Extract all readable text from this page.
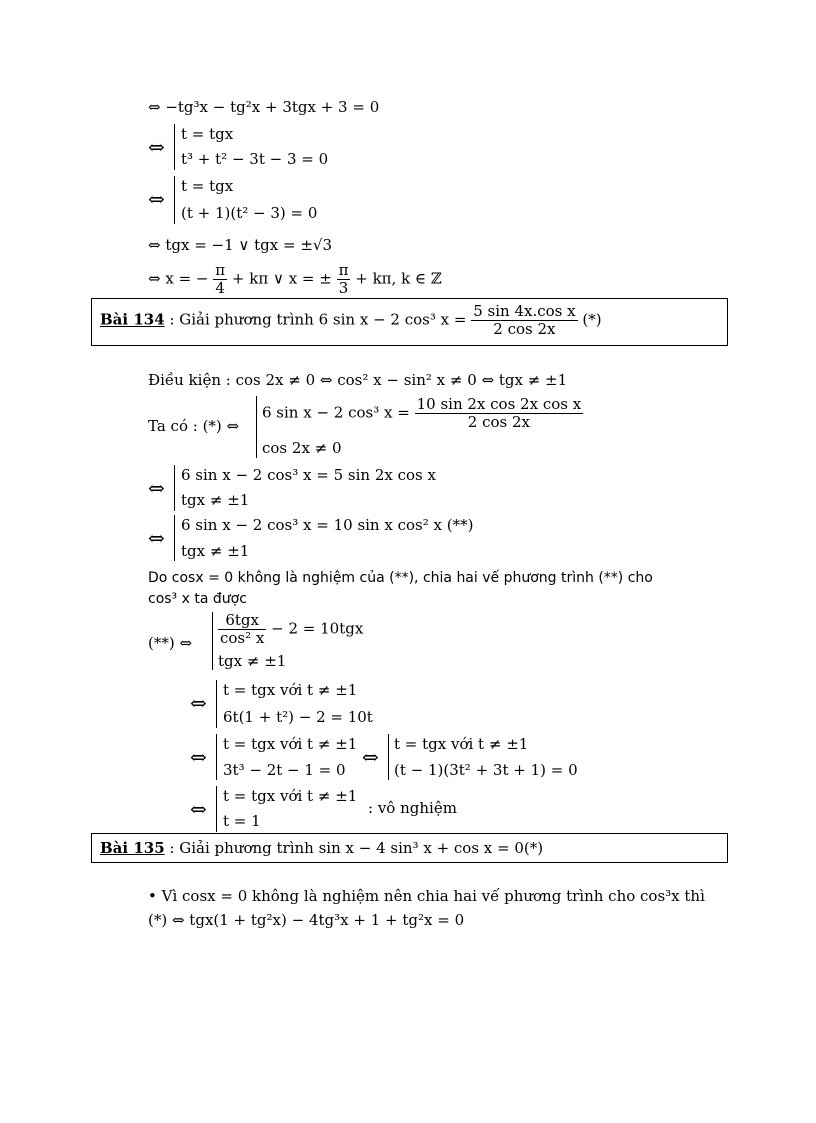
⇔ −tg³x − tg²x + 3tgx + 3 = 0
⇔
t = tgx
t³ + t² − 3t − 3 = 0
⇔
t = tgx
(t + 1)(t² − 3) = 0
⇔ tgx = −1 ∨ tgx = ±√3
⇔ x = − $\frac{\pi}{4} + k\pi$ ∨ x = ± $\frac{\pi}{3} + k\pi$, k ∈ ℤ
Bài 134 : Giải phương trình 6 sin x − 2 cos³ $x = \frac{\text{5 sin 4x.cos x}}{2 \cos 2x}$ (*)
Điều kiện : cos 2x ≠ 0 ⇔ cos² x − sin² x ≠ 0 ⇔ tgx ≠ ±1
Ta có : (*) ⇔
6 sin x − 2 cos³ $x = \frac{\text{10 sin 2x cos 2x cos x}}{2 \cos 2x}$
cos 2x ≠ 0
⇔
6 sin x − 2 cos³ x = 5 sin 2x cos x
tgx ≠ ±1
⇔
6 sin x − 2 cos³ x = 10 sin x cos² x (**)
tgx ≠ ±1
Do cosx = 0 không là nghiệm của (**), chia hai vế phương trình (**) cho
cos³ x ta được
(**) ⇔ $\frac{\text{6tgx}}{\text{cos² x}} - 2 = 10tgx$
tgx ≠ ±1
⇔
t = tgx với t ≠ ±1
6t(1 + t²) − 2 = 10t
⇔
t = tgx với t ≠ ±1
3t³ − 2t − 1 = 0
⇔
t = tgx với t ≠ ±1
(t − 1)(3t² + 3t + 1) = 0
⇔
t = tgx với t ≠ ±1
t = 1
: vô nghiệm
Bài 135 : Giải phương trình sin x − 4 sin³ x + cos x = 0(*)
• Vì cosx = 0 không là nghiệm nên chia hai vế phương trình cho cos³x thì
(*) ⇔ tgx(1 + tg²x) − 4tg³x + 1 + tg²x = 0
